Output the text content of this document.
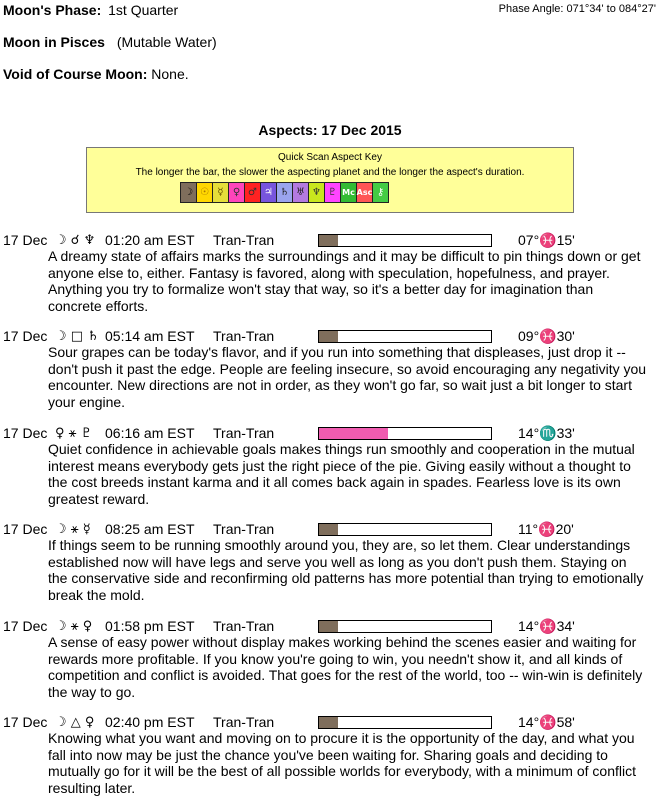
Moon's Phase: 1st Quarter	Phase Angle: 071°34' to 084°27'
Moon in Pisces (Mutable Water)
Void of Course Moon: None.
Aspects: 17 Dec 2015
Quick Scan Aspect Key
The longer the bar, the slower the aspecting planet and the longer the aspect's duration.
☽ ☉ ☿ ♀ ♂ ♃ ♄ ♅ ♆ ♇ Mc Asc ⚷
17 Dec ☽ ☌ ♆ 01:20 am EST Tran-Tran	07°♓15'
A dreamy state of affairs marks the surroundings and it may be difficult to pin things down or get anyone else to, either. Fantasy is favored, along with speculation, hopefulness, and prayer. Anything you try to formalize won't stay that way, so it's a better day for imagination than concrete efforts.
17 Dec ☽ □ ♄ 05:14 am EST Tran-Tran	09°♓30'
Sour grapes can be today's flavor, and if you run into something that displeases, just drop it -- don't push it past the edge. People are feeling insecure, so avoid encouraging any negativity you encounter. New directions are not in order, as they won't go far, so wait just a bit longer to start your engine.
17 Dec ♀ ⚹ ♇ 06:16 am EST Tran-Tran	14°♏33'
Quiet confidence in achievable goals makes things run smoothly and cooperation in the mutual interest means everybody gets just the right piece of the pie. Giving easily without a thought to the cost breeds instant karma and it all comes back again in spades. Fearless love is its own greatest reward.
17 Dec ☽ ⚹ ☿ 08:25 am EST Tran-Tran	11°♓20'
If things seem to be running smoothly around you, they are, so let them. Clear understandings established now will have legs and serve you well as long as you don't push them. Staying on the conservative side and reconfirming old patterns has more potential than trying to emotionally break the mold.
17 Dec ☽ ⚹ ♀ 01:58 pm EST Tran-Tran	14°♓34'
A sense of easy power without display makes working behind the scenes easier and waiting for rewards more profitable. If you know you're going to win, you needn't show it, and all kinds of competition and conflict is avoided. That goes for the rest of the world, too -- win-win is definitely the way to go.
17 Dec ☽ △ ♀ 02:40 pm EST Tran-Tran	14°♓58'
Knowing what you want and moving on to procure it is the opportunity of the day, and what you fall into now may be just the chance you've been waiting for. Sharing goals and deciding to mutually go for it will be the best of all possible worlds for everybody, with a minimum of conflict resulting later.
